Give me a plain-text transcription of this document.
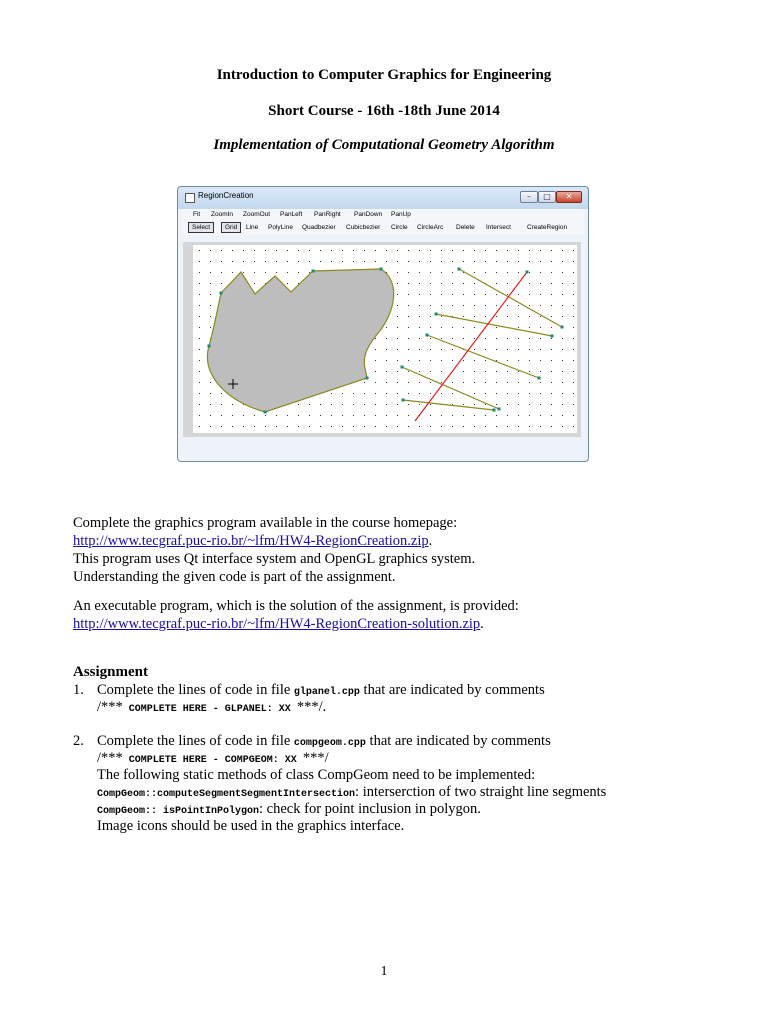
Introduction to Computer Graphics for Engineering
Short Course - 16th -18th June 2014
Implementation of Computational Geometry Algorithm
RegionCreation	–	□	✕
Fit ZoomIn ZoomOut PanLeft PanRight PanDown PanUp
Select	Grid	Line PolyLine Quadbezier Cubicbezier Circle CircleArc Delete Intersect CreateRegion
Complete the graphics program available in the course homepage:
http://www.tecgraf.puc-rio.br/~lfm/HW4-RegionCreation.zip.
This program uses Qt interface system and OpenGL graphics system.
Understanding the given code is part of the assignment.
An executable program, which is the solution of the assignment, is provided:
http://www.tecgraf.puc-rio.br/~lfm/HW4-RegionCreation-solution.zip.
Assignment
1. Complete the lines of code in file glpanel.cpp that are indicated by comments
/*** COMPLETE HERE - GLPANEL: XX ***/.
2. Complete the lines of code in file compgeom.cpp that are indicated by comments
/*** COMPLETE HERE - COMPGEOM: XX ***/
The following static methods of class CompGeom need to be implemented:
CompGeom::computeSegmentSegmentIntersection: interserction of two straight line segments
CompGeom:: isPointInPolygon: check for point inclusion in polygon.
Image icons should be used in the graphics interface.
1
